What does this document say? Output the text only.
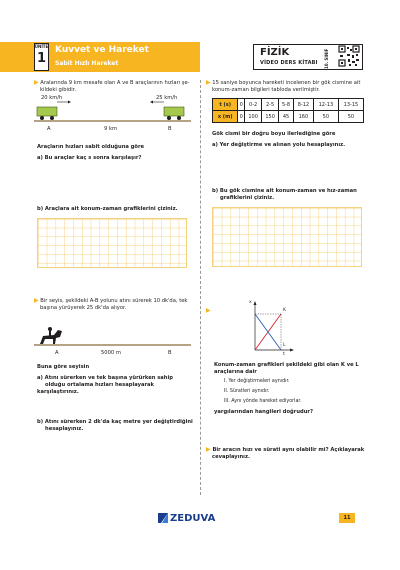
ÜNİTE
1
Kuvvet ve Hareket
Sabit Hızlı Hareket
FİZİK
VİDEO DERS KİTABI 10. SINIF
▶ Aralarında 9 km mesafe olan A ve B araçlarının hızları şe-
kildeki gibidir.
20 km/h	25 km/h
A	9 km	B
Araçların hızları sabit olduğuna göre
a) Bu araçlar kaç s sonra karşılaşır?
b) Araçlara ait konum-zaman grafiklerini çiziniz.
▶ 15 saniye boyunca hareketi incelenen bir gök cismine ait
konum-zaman bilgileri tabloda verilmiştir.
t (s)	0	0-2	2-5	5-8	8-12	12-13	13-15
x (m)	0	100	150	45	160	50	50
Gök cismi bir doğru boyu ilerlediğine göre
a) Yer değiştirme ve alınan yolu hesaplayınız.
b) Bu gök cismine ait konum-zaman ve hız-zaman
grafiklerini çiziniz.
▶ Bir seyis, şekildeki A-B yolunu atını sürerek 10 dk'da, tek
başına yürüyerek 25 dk'da alıyor.
A	5000 m	B
Buna göre seyisin
a) Atını sürerken ve tek başına yürürken sahip
olduğu ortalama hızları hesaplayarak karşılaştırınız.
b) Atını sürerken 2 dk'da kaç metre yer değiştirdiğini
hesaplayınız.
▶
x
t
K
L
Konum-zaman grafikleri şekildeki gibi olan K ve L
araçlarına dair
I. Yer değiştirmeleri aynıdır.
II. Süratleri aynıdır.
III. Aynı yönde hareket ediyorlar.
yargılarından hangileri doğrudur?
▶ Bir aracın hızı ve sürati aynı olabilir mi? Açıklayarak
cevaplayınız.
ZEDUVA	11
